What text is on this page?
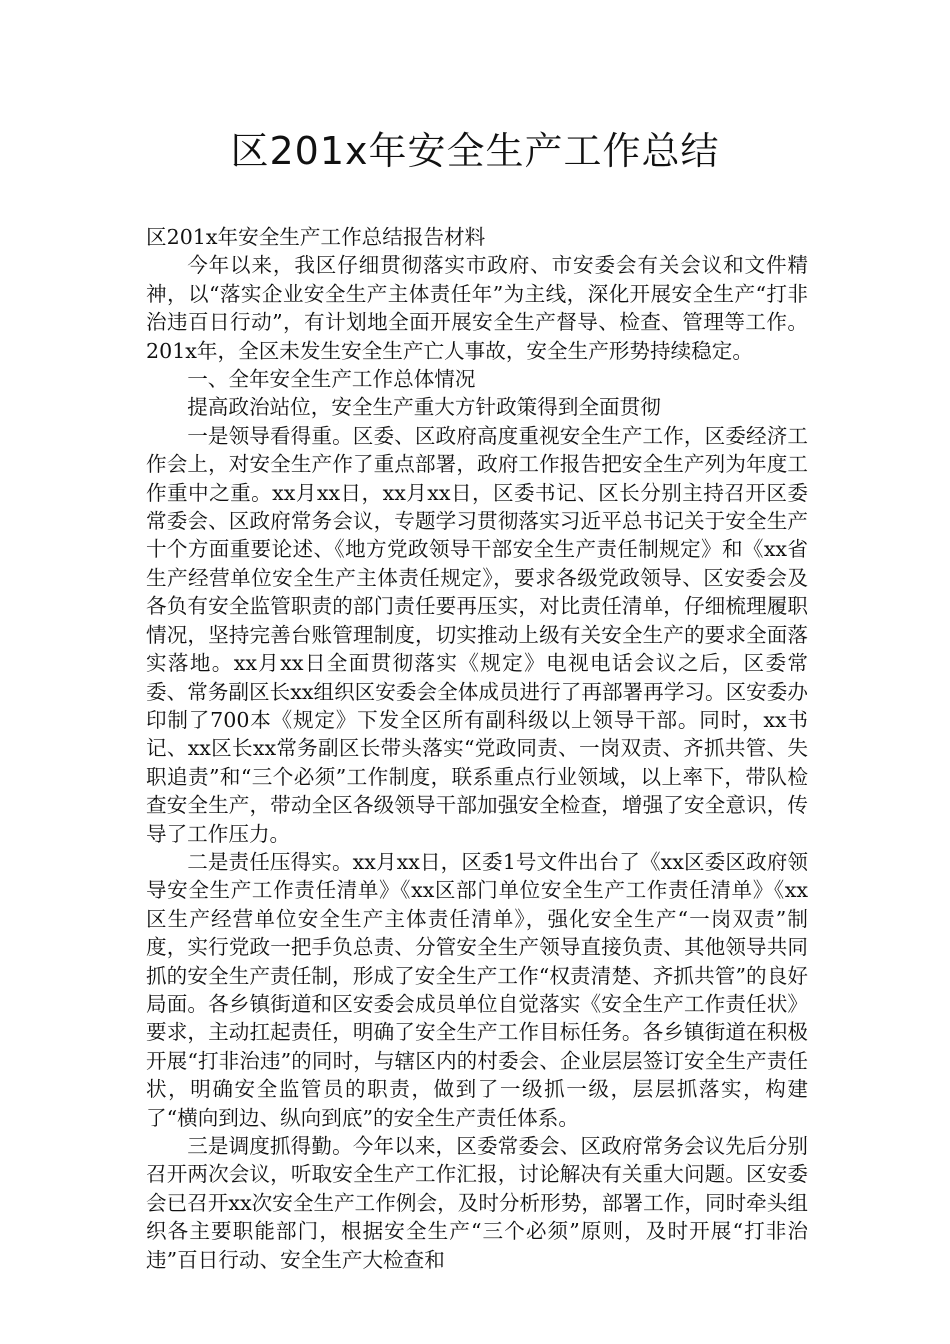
区201x年安全生产工作总结

区201x年安全生产工作总结报告材料

今年以来，我区仔细贯彻落实市政府、市安委会有关会议和文件精神，以“落实企业安全生产主体责任年”为主线，深化开展安全生产“打非治违百日行动”，有计划地全面开展安全生产督导、检查、管理等工作。201x年，全区未发生安全生产亡人事故，安全生产形势持续稳定。

一、全年安全生产工作总体情况

提高政治站位，安全生产重大方针政策得到全面贯彻

一是领导看得重。区委、区政府高度重视安全生产工作，区委经济工作会上，对安全生产作了重点部署，政府工作报告把安全生产列为年度工作重中之重。xx月xx日，xx月xx日，区委书记、区长分别主持召开区委常委会、区政府常务会议，专题学习贯彻落实习近平总书记关于安全生产十个方面重要论述、《地方党政领导干部安全生产责任制规定》和《xx省生产经营单位安全生产主体责任规定》，要求各级党政领导、区安委会及各负有安全监管职责的部门责任要再压实，对比责任清单，仔细梳理履职情况，坚持完善台账管理制度，切实推动上级有关安全生产的要求全面落实落地。xx月xx日全面贯彻落实《规定》电视电话会议之后，区委常委、常务副区长xx组织区安委会全体成员进行了再部署再学习。区安委办印制了700本《规定》下发全区所有副科级以上领导干部。同时，xx书记、xx区长xx常务副区长带头落实“党政同责、一岗双责、齐抓共管、失职追责”和“三个必须”工作制度，联系重点行业领域，以上率下，带队检查安全生产，带动全区各级领导干部加强安全检查，增强了安全意识，传导了工作压力。

二是责任压得实。xx月xx日，区委1号文件出台了《xx区委区政府领导安全生产工作责任清单》《xx区部门单位安全生产工作责任清单》《xx区生产经营单位安全生产主体责任清单》，强化安全生产“一岗双责”制度，实行党政一把手负总责、分管安全生产领导直接负责、其他领导共同抓的安全生产责任制，形成了安全生产工作“权责清楚、齐抓共管”的良好局面。各乡镇街道和区安委会成员单位自觉落实《安全生产工作责任状》要求，主动扛起责任，明确了安全生产工作目标任务。各乡镇街道在积极开展“打非治违”的同时，与辖区内的村委会、企业层层签订安全生产责任状，明确安全监管员的职责，做到了一级抓一级，层层抓落实，构建了“横向到边、纵向到底”的安全生产责任体系。

三是调度抓得勤。今年以来，区委常委会、区政府常务会议先后分别召开两次会议，听取安全生产工作汇报，讨论解决有关重大问题。区安委会已召开xx次安全生产工作例会，及时分析形势，部署工作，同时牵头组织各主要职能部门，根据安全生产“三个必须”原则，及时开展“打非治违”百日行动、安全生产大检查和
